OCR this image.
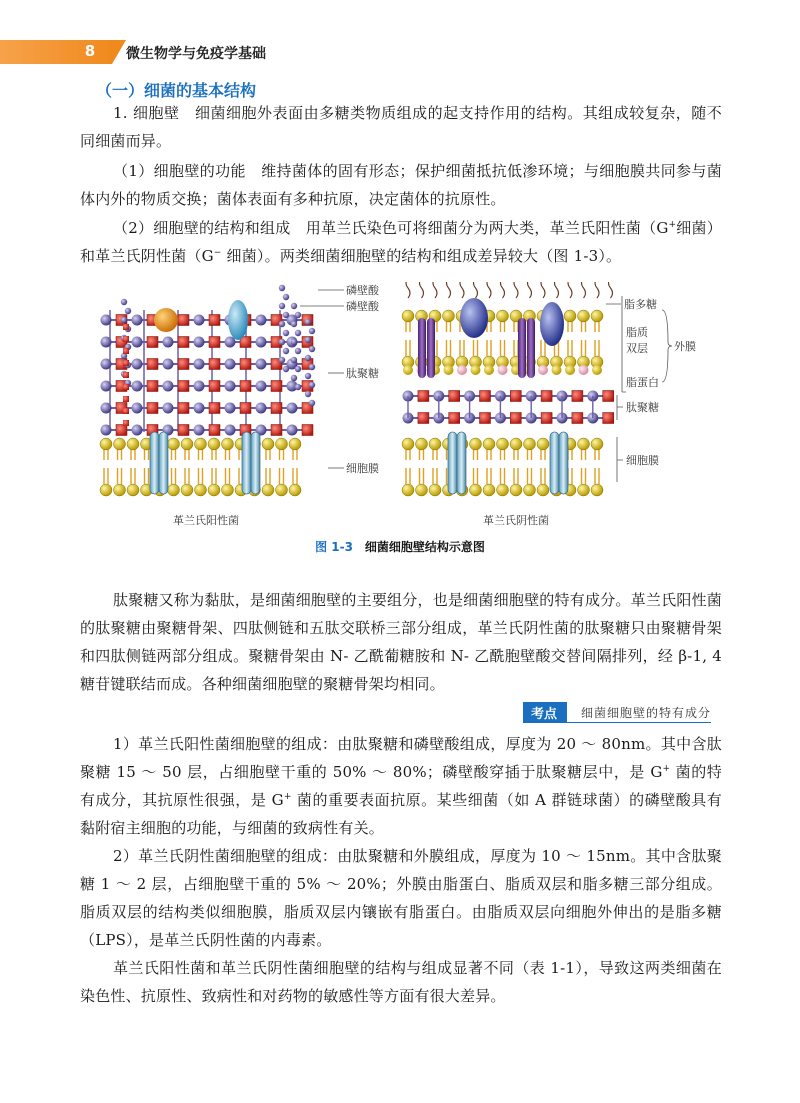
8	微生物学与免疫学基础
（一）细菌的基本结构

1. 细胞壁　细菌细胞外表面由多糖类物质组成的起支持作用的结构。其组成较复杂，随不同细菌而异。

（1）细胞壁的功能　维持菌体的固有形态；保护细菌抵抗低渗环境；与细胞膜共同参与菌体内外的物质交换；菌体表面有多种抗原，决定菌体的抗原性。

（2）细胞壁的结构和组成　用革兰氏染色可将细菌分为两大类，革兰氏阳性菌（G+细菌）和革兰氏阴性菌（G− 细菌）。两类细菌细胞壁的结构和组成差异较大（图 1-3）。

磷壁酸
磷壁酸
肽聚糖
细胞膜
革兰氏阳性菌
脂多糖
脂质
双层 外膜
脂蛋白
肽聚糖
细胞膜
革兰氏阴性菌
图 1-3 细菌细胞壁结构示意图

肽聚糖又称为黏肽，是细菌细胞壁的主要组分，也是细菌细胞壁的特有成分。革兰氏阳性菌的肽聚糖由聚糖骨架、四肽侧链和五肽交联桥三部分组成，革兰氏阴性菌的肽聚糖只由聚糖骨架和四肽侧链两部分组成。聚糖骨架由 N- 乙酰葡糖胺和 N- 乙酰胞壁酸交替间隔排列，经 β-1, 4 糖苷键联结而成。各种细菌细胞壁的聚糖骨架均相同。

考点	细菌细胞壁的特有成分

1）革兰氏阳性菌细胞壁的组成：由肽聚糖和磷壁酸组成，厚度为 20 ～ 80nm。其中含肽聚糖 15 ～ 50 层，占细胞壁干重的 50% ～ 80%；磷壁酸穿插于肽聚糖层中，是 G+ 菌的特有成分，其抗原性很强，是 G+ 菌的重要表面抗原。某些细菌（如 A 群链球菌）的磷壁酸具有黏附宿主细胞的功能，与细菌的致病性有关。

2）革兰氏阴性菌细胞壁的组成：由肽聚糖和外膜组成，厚度为 10 ～ 15nm。其中含肽聚糖 1 ～ 2 层，占细胞壁干重的 5% ～ 20%；外膜由脂蛋白、脂质双层和脂多糖三部分组成。脂质双层的结构类似细胞膜，脂质双层内镶嵌有脂蛋白。由脂质双层向细胞外伸出的是脂多糖（LPS），是革兰氏阴性菌的内毒素。

革兰氏阳性菌和革兰氏阴性菌细胞壁的结构与组成显著不同（表 1-1），导致这两类细菌在染色性、抗原性、致病性和对药物的敏感性等方面有很大差异。
